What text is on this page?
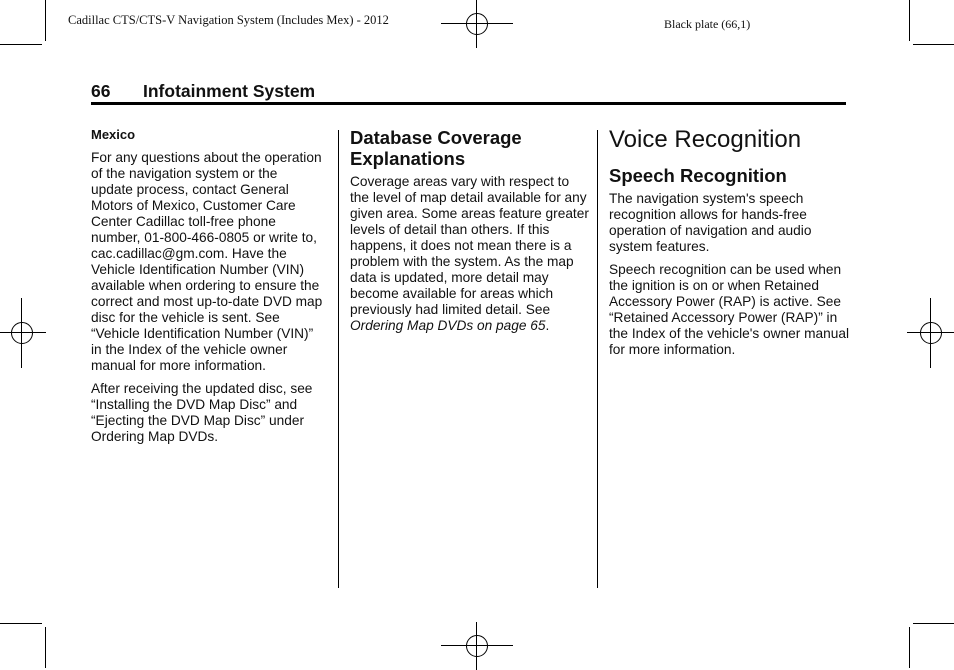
Cadillac CTS/CTS-V Navigation System (Includes Mex) - 2012	Black plate (66,1)
66 Infotainment System
Mexico

For any questions about the operation of the navigation system or the update process, contact General Motors of Mexico, Customer Care Center Cadillac toll-free phone number, 01-800-466-0805 or write to, cac.cadillac@gm.com. Have the Vehicle Identification Number (VIN) available when ordering to ensure the correct and most up-to-date DVD map disc for the vehicle is sent. See “Vehicle Identification Number (VIN)” in the Index of the vehicle owner manual for more information.

After receiving the updated disc, see “Installing the DVD Map Disc” and “Ejecting the DVD Map Disc” under Ordering Map DVDs.

Database Coverage Explanations

Coverage areas vary with respect to the level of map detail available for any given area. Some areas feature greater levels of detail than others. If this happens, it does not mean there is a problem with the system. As the map data is updated, more detail may become available for areas which previously had limited detail. See Ordering Map DVDs on page 65.

Voice Recognition
Speech Recognition

The navigation system's speech recognition allows for hands-free operation of navigation and audio system features.

Speech recognition can be used when the ignition is on or when Retained Accessory Power (RAP) is active. See “Retained Accessory Power (RAP)” in the Index of the vehicle's owner manual for more information.
